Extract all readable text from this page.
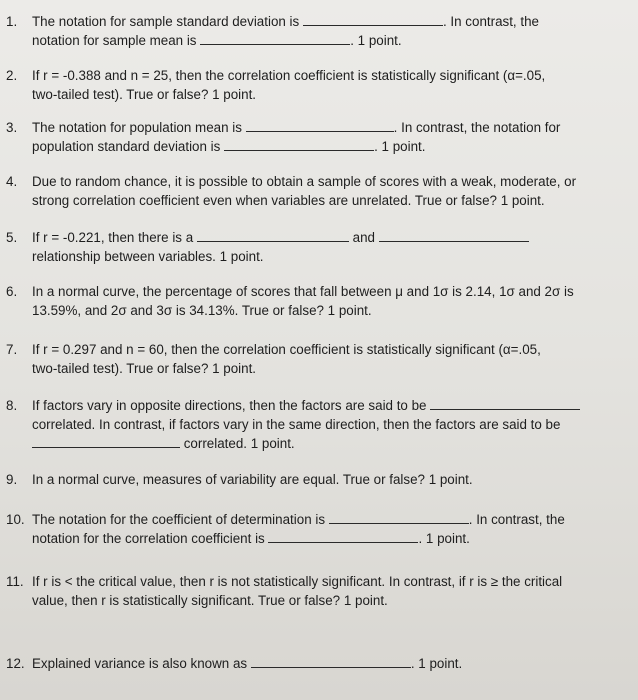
1. The notation for sample standard deviation is	. In contrast, the
notation for sample mean is	. 1 point.
2. If r = -0.388 and n = 25, then the correlation coefficient is statistically significant (α=.05,
two-tailed test). True or false? 1 point.
3. The notation for population mean is	. In contrast, the notation for
population standard deviation is	. 1 point.
4. Due to random chance, it is possible to obtain a sample of scores with a weak, moderate, or
strong correlation coefficient even when variables are unrelated. True or false? 1 point.
5. If r = -0.221, then there is a	and
relationship between variables. 1 point.
6. In a normal curve, the percentage of scores that fall between μ and 1σ is 2.14, 1σ and 2σ is
13.59%, and 2σ and 3σ is 34.13%. True or false? 1 point.
7. If r = 0.297 and n = 60, then the correlation coefficient is statistically significant (α=.05,
two-tailed test). True or false? 1 point.
8. If factors vary in opposite directions, then the factors are said to be
correlated. In contrast, if factors vary in the same direction, then the factors are said to be
correlated. 1 point.
9. In a normal curve, measures of variability are equal. True or false? 1 point.
10. The notation for the coefficient of determination is	. In contrast, the
notation for the correlation coefficient is	. 1 point.
11. If r is < the critical value, then r is not statistically significant. In contrast, if r is ≥ the critical
value, then r is statistically significant. True or false? 1 point.
12. Explained variance is also known as	. 1 point.
